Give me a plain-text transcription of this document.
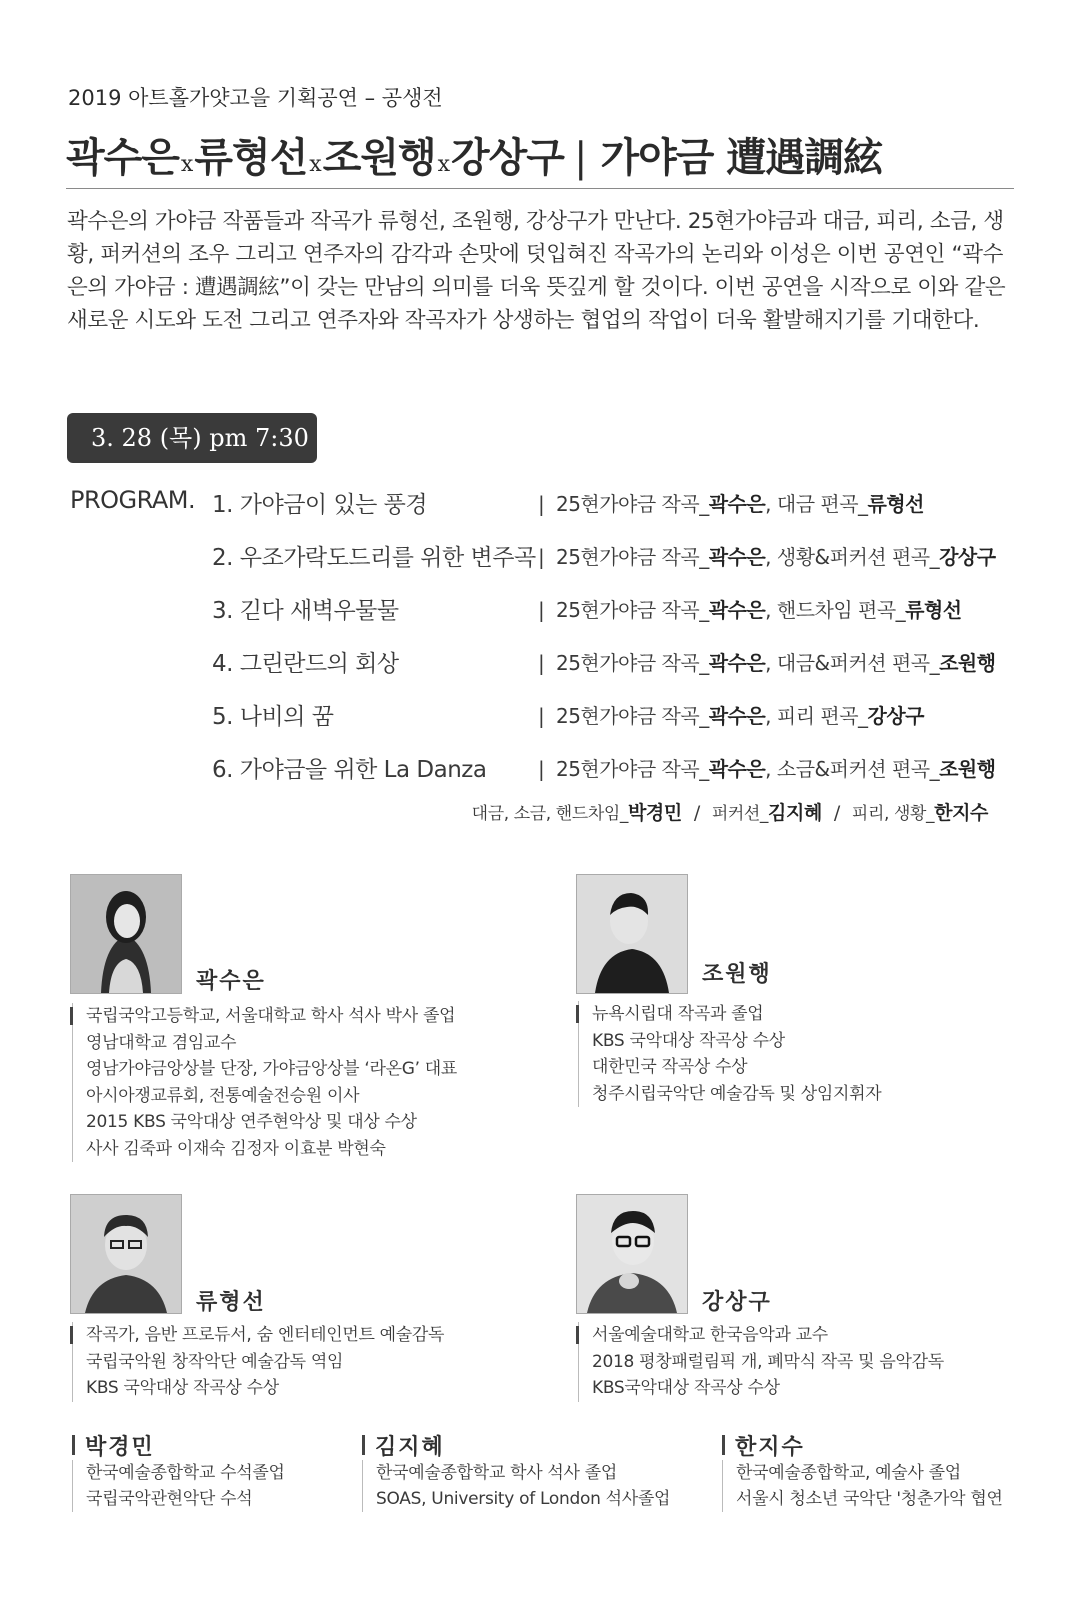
2019 아트홀가얏고을 기획공연 – 공생전
곽수은x류형선x조원행x강상구 | 가야금 遭遇調絃
곽수은의 가야금 작품들과 작곡가 류형선, 조원행, 강상구가 만난다. 25현가야금과 대금, 피리, 소금, 생황, 퍼커션의 조우 그리고 연주자의 감각과 손맛에 덧입혀진 작곡가의 논리와 이성은 이번 공연인 “곽수은의 가야금 : 遭遇調絃”이 갖는 만남의 의미를 더욱 뜻깊게 할 것이다. 이번 공연을 시작으로 이와 같은 새로운 시도와 도전 그리고 연주자와 작곡자가 상생하는 협업의 작업이 더욱 활발해지기를 기대한다.
3. 28 (목) pm 7:30
PROGRAM. 1. 가야금이 있는 풍경	| 25현가야금 작곡_곽수은, 대금 편곡_류형선
2. 우조가락도드리를 위한 변주곡 | 25현가야금 작곡_곽수은, 생황&퍼커션 편곡_강상구
3. 긷다 새벽우물물	| 25현가야금 작곡_곽수은, 핸드차임 편곡_류형선
4. 그린란드의 회상	| 25현가야금 작곡_곽수은, 대금&퍼커션 편곡_조원행
5. 나비의 꿈	| 25현가야금 작곡_곽수은, 피리 편곡_강상구
6. 가야금을 위한 La Danza	| 25현가야금 작곡_곽수은, 소금&퍼커션 편곡_조원행
대금, 소금, 핸드차임_박경민 / 퍼커션_김지혜 / 피리, 생황_한지수
곽수은
국립국악고등학교, 서울대학교 학사 석사 박사 졸업
영남대학교 겸임교수
영남가야금앙상블 단장, 가야금앙상블 ‘라온G’ 대표
아시아쟁교류회, 전통예술전승원 이사
2015 KBS 국악대상 연주현악상 및 대상 수상
사사 김죽파 이재숙 김정자 이효분 박현숙
조원행
뉴욕시립대 작곡과 졸업
KBS 국악대상 작곡상 수상
대한민국 작곡상 수상
청주시립국악단 예술감독 및 상임지휘자
류형선
작곡가, 음반 프로듀서, 숨 엔터테인먼트 예술감독
국립국악원 창작악단 예술감독 역임
KBS 국악대상 작곡상 수상
강상구
서울예술대학교 한국음악과 교수
2018 평창패럴림픽 개, 폐막식 작곡 및 음악감독
KBS국악대상 작곡상 수상
박경민
한국예술종합학교 수석졸업
국립국악관현악단 수석
김지혜
한국예술종합학교 학사 석사 졸업
SOAS, University of London 석사졸업
한지수
한국예술종합학교, 예술사 졸업
서울시 청소년 국악단 '청춘가악 협연
